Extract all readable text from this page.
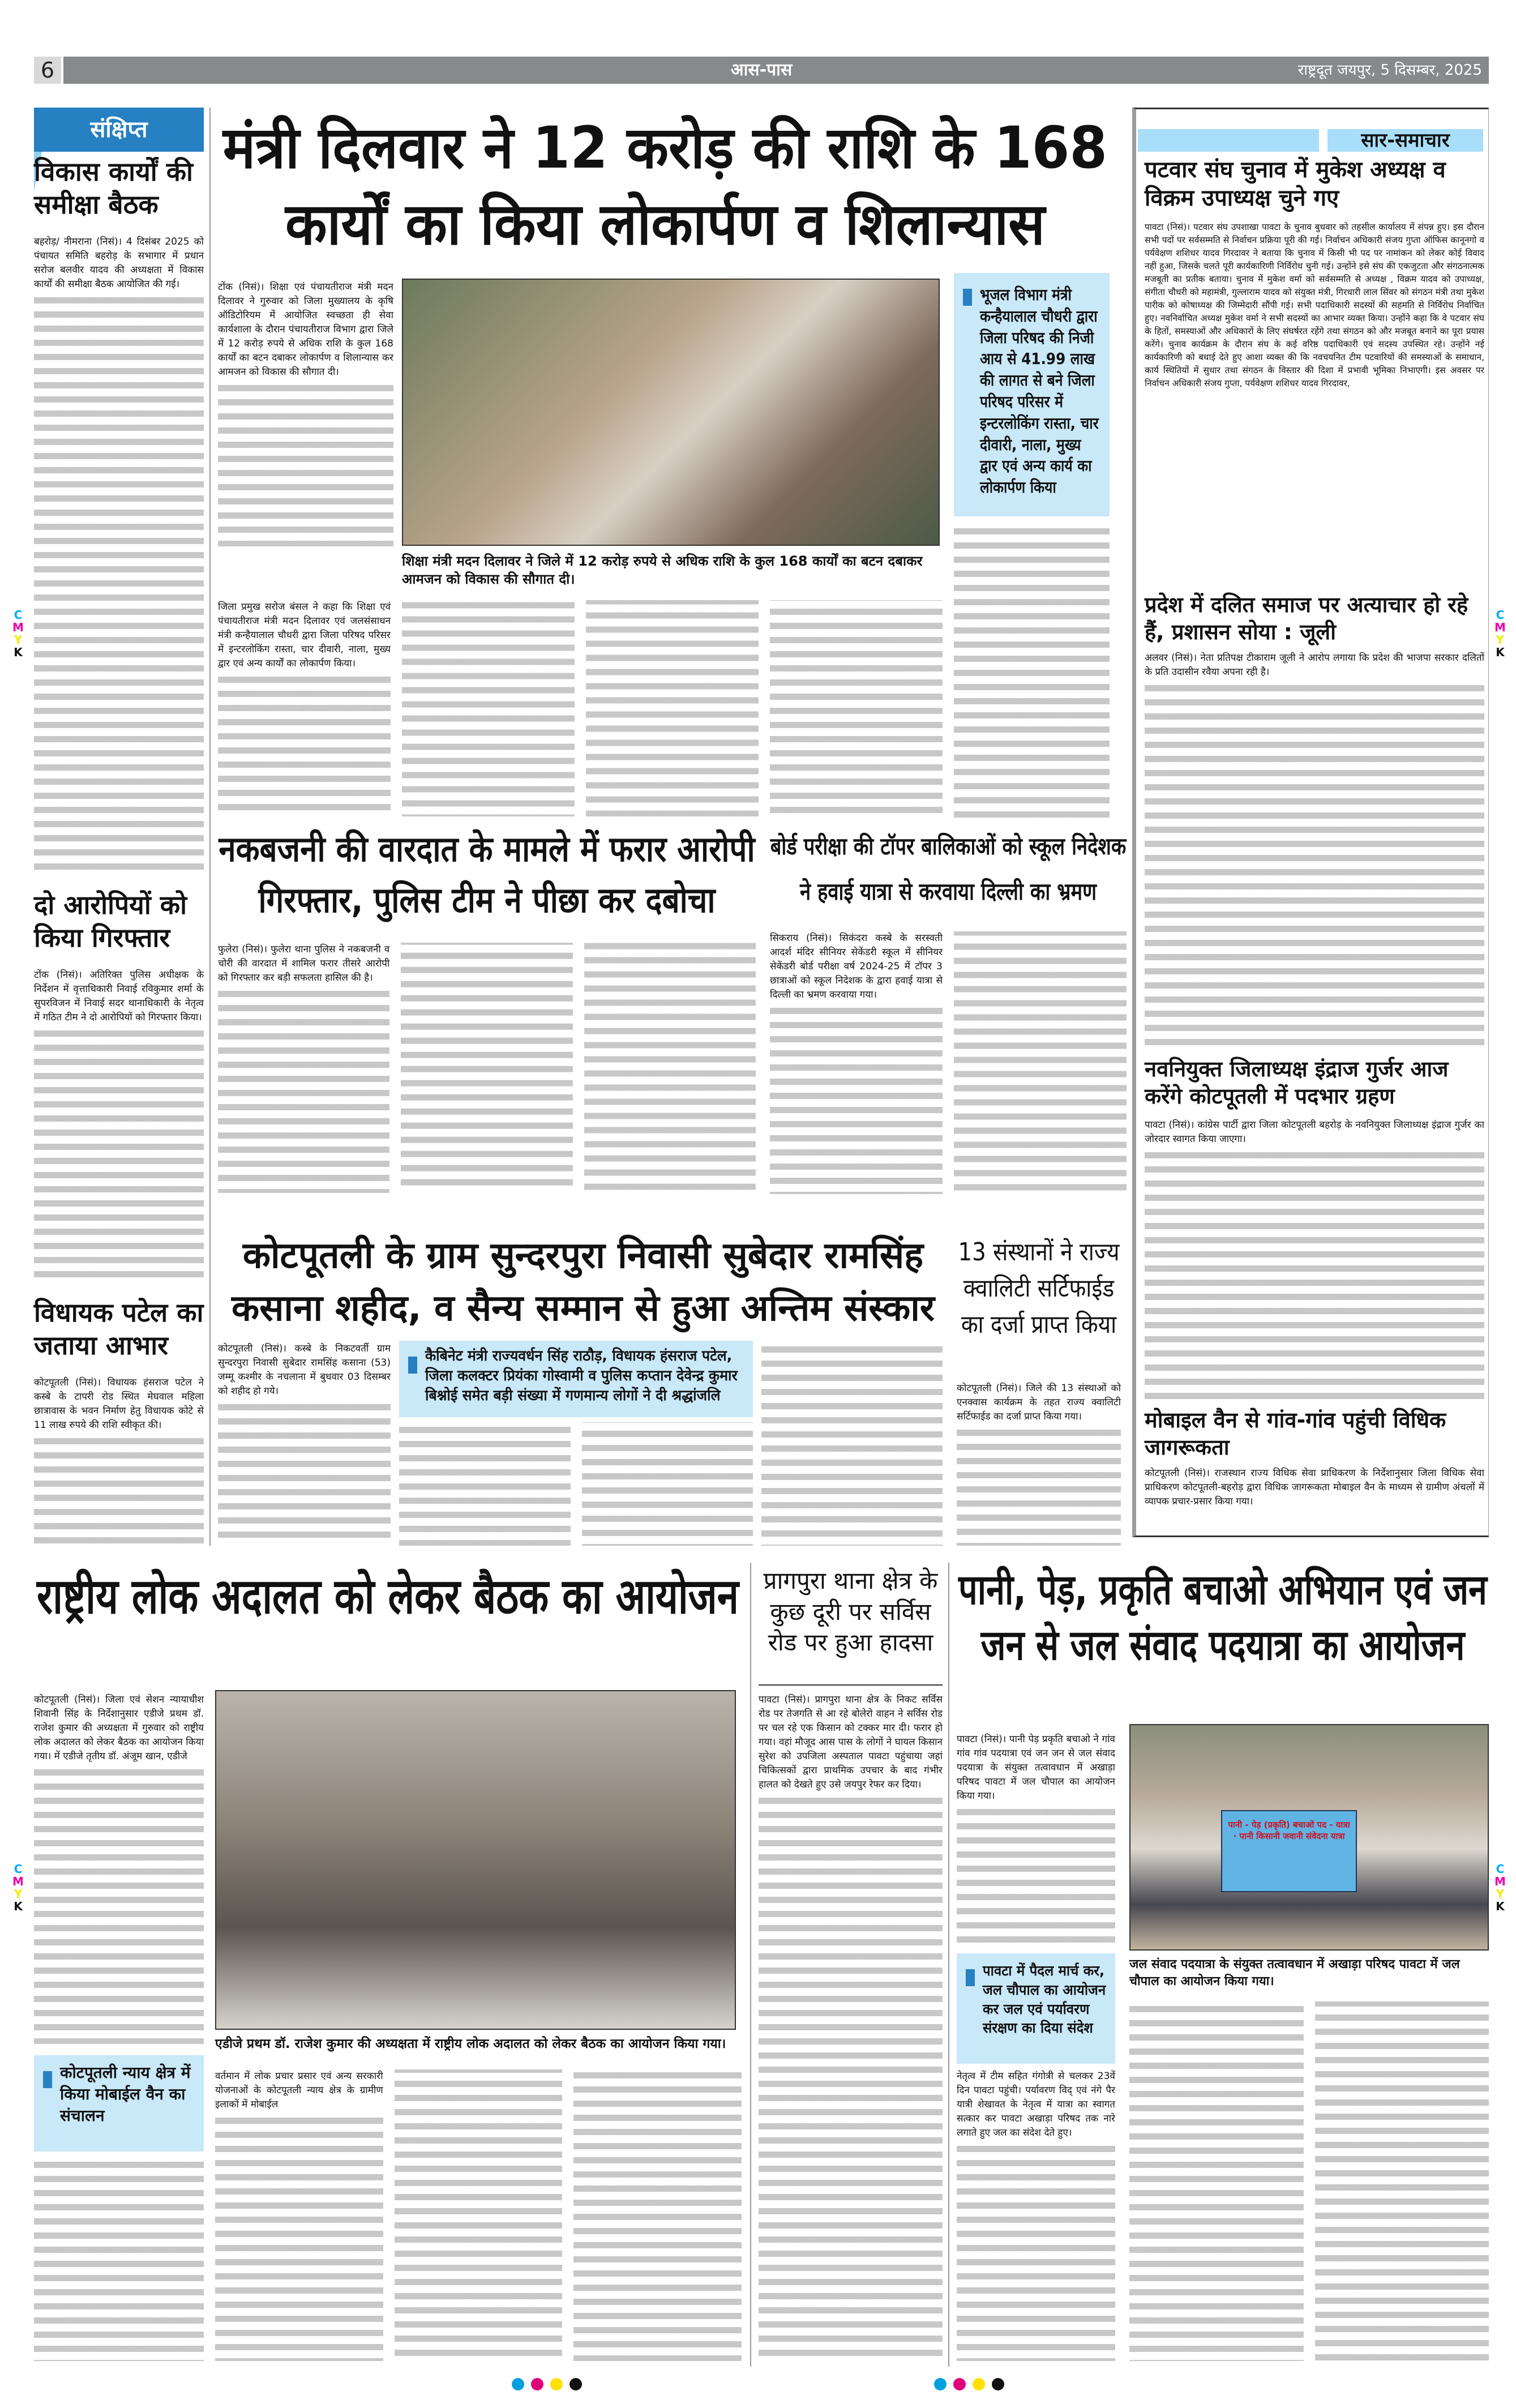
6	आस-पास	राष्ट्रदूत जयपुर, 5 दिसम्बर, 2025
C
M
Y
K
C
M
Y
K
C
M
Y
K
C
M
Y
K
संक्षिप्त
विकास कार्यों की समीक्षा बैठक

बहरोड़/ नीमराना (निसं)। 4 दिसंबर 2025 को पंचायत समिति बहरोड़ के सभागार में प्रधान सरोज बलवीर यादव की अध्यक्षता में विकास कार्यों की समीक्षा बैठक आयोजित की गई।

दो आरोपियों को किया गिरफ्तार

टोंक (निसं)। अतिरिक्त पुलिस अधीक्षक के निर्देशन में वृत्ताधिकारी निवाई रविकुमार शर्मा के सुपरविजन में निवाई सदर थानाधिकारी के नेतृत्व में गठित टीम ने दो आरोपियों को गिरफ्तार किया।

विधायक पटेल का जताया आभार

कोटपूतली (निसं)। विधायक हंसराज पटेल ने कस्बे के टापरी रोड स्थित मेघवाल महिला छात्रावास के भवन निर्माण हेतु विधायक कोटे से 11 लाख रुपये की राशि स्वीकृत की।

मंत्री दिलवार ने 12 करोड़ की राशि के 168 कार्यों का किया लोकार्पण व शिलान्यास

टोंक (निसं)। शिक्षा एवं पंचायतीराज मंत्री मदन दिलावर ने गुरुवार को जिला मुख्यालय के कृषि ऑडिटोरियम में आयोजित स्वच्छता ही सेवा कार्यशाला के दौरान पंचायतीराज विभाग द्वारा जिले में 12 करोड़ रुपये से अधिक राशि के कुल 168 कार्यों का बटन दबाकर लोकार्पण व शिलान्यास कर आमजन को विकास की सौगात दी।

भूजल विभाग मंत्री कन्हैयालाल चौधरी द्वारा जिला परिषद की निजी आय से 41.99 लाख की लागत से बने जिला परिषद परिसर में इन्टरलोकिंग रास्ता, चार दीवारी, नाला, मुख्य द्वार एवं अन्य कार्य का लोकार्पण किया
शिक्षा मंत्री मदन दिलावर ने जिले में 12 करोड़ रुपये से अधिक राशि के कुल 168 कार्यों का बटन दबाकर आमजन को विकास की सौगात दी।

जिला प्रमुख सरोज बंसल ने कहा कि शिक्षा एवं पंचायतीराज मंत्री मदन दिलावर एवं जलसंसाधन मंत्री कन्हैयालाल चौधरी द्वारा जिला परिषद परिसर में इन्टरलोकिंग रास्ता, चार दीवारी, नाला, मुख्य द्वार एवं अन्य कार्यों का लोकार्पण किया।

नकबजनी की वारदात के मामले में फरार आरोपी गिरफ्तार, पुलिस टीम ने पीछा कर दबोचा

फुलेरा (निसं)। फुलेरा थाना पुलिस ने नकबजनी व चोरी की वारदात में शामिल फरार तीसरे आरोपी को गिरफ्तार कर बड़ी सफलता हासिल की है।

बोर्ड परीक्षा की टॉपर बालिकाओं को स्कूल निदेशक ने हवाई यात्रा से करवाया दिल्ली का भ्रमण

सिकराय (निसं)। सिकंदरा कस्बे के सरस्वती आदर्श मंदिर सीनियर सेकेंडरी स्कूल में सीनियर सेकेंडरी बोर्ड परीक्षा वर्ष 2024-25 में टॉपर 3 छात्राओं को स्कूल निदेशक के द्वारा हवाई यात्रा से दिल्ली का भ्रमण करवाया गया।

कोटपूतली के ग्राम सुन्दरपुरा निवासी सुबेदार रामसिंह कसाना शहीद, व सैन्य सम्मान से हुआ अन्तिम संस्कार

कोटपूतली (निसं)। कस्बे के निकटवर्ती ग्राम सुन्दरपुरा निवासी सुबेदार रामसिंह कसाना (53) जम्मू कश्मीर के नचलाना में बुधवार 03 दिसम्बर को शहीद हो गये।

कैबिनेट मंत्री राज्यवर्धन सिंह राठौड़, विधायक हंसराज पटेल, जिला कलक्टर प्रियंका गोस्वामी व पुलिस कप्तान देवेन्द्र कुमार बिश्नोई समेत बड़ी संख्या में गणमान्य लोगों ने दी श्रद्धांजलि
13 संस्थानों ने राज्य क्वालिटी सर्टिफाईड का दर्जा प्राप्त किया

कोटपूतली (निसं)। जिले की 13 संस्थाओं को एनक्वास कार्यक्रम के तहत राज्य क्वालिटी सर्टिफाईड का दर्जा प्राप्त किया गया।

सार-समाचार
पटवार संघ चुनाव में मुकेश अध्यक्ष व विक्रम उपाध्यक्ष चुने गए

पावटा (निसं)। पटवार संघ उपशाखा पावटा के चुनाव बुधवार को तहसील कार्यालय में संपन्न हुए। इस दौरान सभी पदों पर सर्वसम्मति से निर्वाचन प्रक्रिया पूरी की गई। निर्वाचन अधिकारी संजय गुप्ता ऑफिस कानूनगो व पर्यवेक्षण शशिधर यादव गिरदावर ने बताया कि चुनाव में किसी भी पद पर नामांकन को लेकर कोई विवाद नहीं हुआ, जिसके चलते पूरी कार्यकारिणी निर्विरोध चुनी गई। उन्होंने इसे संघ की एकजुटता और संगठनात्मक मजबूती का प्रतीक बताया। चुनाव में मुकेश वर्मा को सर्वसम्मति से अध्यक्ष , विक्रम यादव को उपाध्यक्ष, संगीता चौधरी को महामंत्री, गुल्लाराम यादव को संयुक्त मंत्री, गिरधारी लाल सिंवर को संगठन मंत्री तथा मुकेश पारीक को कोषाध्यक्ष की जिम्मेदारी सौंपी गई। सभी पदाधिकारी सदस्यों की सहमति से निर्विरोध निर्वाचित हुए। नवनिर्वाचित अध्यक्ष मुकेश वर्मा ने सभी सदस्यों का आभार व्यक्त किया। उन्होंने कहा कि वे पटवार संघ के हितों, समस्याओं और अधिकारों के लिए संघर्षरत रहेंगे तथा संगठन को और मजबूत बनाने का पूरा प्रयास करेंगे। चुनाव कार्यक्रम के दौरान संघ के कई वरिष्ठ पदाधिकारी एवं सदस्य उपस्थित रहे। उन्होंने नई कार्यकारिणी को बधाई देते हुए आशा व्यक्त की कि नवचयनित टीम पटवारियों की समस्याओं के समाधान, कार्य स्थितियों में सुधार तथा संगठन के विस्तार की दिशा में प्रभावी भूमिका निभाएगी। इस अवसर पर निर्वाचन अधिकारी संजय गुप्ता, पर्यवेक्षण शशिधर यादव गिरदावर,

प्रदेश में दलित समाज पर अत्याचार हो रहे हैं, प्रशासन सोया : जूली

अलवर (निसं)। नेता प्रतिपक्ष टीकाराम जूली ने आरोप लगाया कि प्रदेश की भाजपा सरकार दलितों के प्रति उदासीन रवैया अपना रही है।

नवनियुक्त जिलाध्यक्ष इंद्राज गुर्जर आज करेंगे कोटपूतली में पदभार ग्रहण

पावटा (निसं)। कांग्रेस पार्टी द्वारा जिला कोटपूतली बहरोड़ के नवनियुक्त जिलाध्यक्ष इंद्राज गुर्जर का जोरदार स्वागत किया जाएगा।

मोबाइल वैन से गांव-गांव पहुंची विधिक जागरूकता

कोटपूतली (निसं)। राजस्थान राज्य विधिक सेवा प्राधिकरण के निर्देशानुसार जिला विधिक सेवा प्राधिकरण कोटपूतली-बहरोड़ द्वारा विधिक जागरूकता मोबाइल वैन के माध्यम से ग्रामीण अंचलों में व्यापक प्रचार-प्रसार किया गया।

राष्ट्रीय लोक अदालत को लेकर बैठक का आयोजन

कोटपूतली (निसं)। जिला एवं सेशन न्यायाधीश शिवानी सिंह के निर्देशानुसार एडीजे प्रथम डॉ. राजेश कुमार की अध्यक्षता में गुरुवार को राष्ट्रीय लोक अदालत को लेकर बैठक का आयोजन किया गया। में एडीजे तृतीय डॉ. अंजूम खान, एडीजे

एडीजे प्रथम डॉ. राजेश कुमार की अध्यक्षता में राष्ट्रीय लोक अदालत को लेकर बैठक का आयोजन किया गया।
कोटपूतली न्याय क्षेत्र में किया मोबाईल वैन का संचालन

वर्तमान में लोक प्रचार प्रसार एवं अन्य सरकारी योजनाओं के कोटपूतली न्याय क्षेत्र के ग्रामीण इलाकों में मोबाईल

प्रागपुरा थाना क्षेत्र के कुछ दूरी पर सर्विस रोड पर हुआ हादसा

पावटा (निसं)। प्रागपुरा थाना क्षेत्र के निकट सर्विस रोड पर तेजगति से आ रहे बोलेरो वाहन ने सर्विस रोड पर चल रहे एक किसान को टक्कर मार दी। फरार हो गया। वहां मौजूद आस पास के लोगों ने घायल किसान सुरेश को उपजिला अस्पताल पावटा पहुंचाया जहां चिकित्सकों द्वारा प्राथमिक उपचार के बाद गंभीर हालत को देखते हुए उसे जयपुर रेफर कर दिया।

पानी, पेड़, प्रकृति बचाओ अभियान एवं जन जन से जल संवाद पदयात्रा का आयोजन

पावटा (निसं)। पानी पेड़ प्रकृति बचाओ ने गांव गांव गांव पदयात्रा एवं जन जन से जल संवाद पदयात्रा के संयुक्त तत्वावधान में अखाड़ा परिषद पावटा में जल चौपाल का आयोजन किया गया।

पानी - पेड़ (प्रकृति) बचाओ पद - यात्रा · पानी किसानी जवानी संवेदना यात्रा
जल संवाद पदयात्रा के संयुक्त तत्वावधान में अखाड़ा परिषद पावटा में जल चौपाल का आयोजन किया गया।
पावटा में पैदल मार्च कर, जल चौपाल का आयोजन कर जल एवं पर्यावरण संरक्षण का दिया संदेश

नेतृत्व में टीम सहित गंगोत्री से चलकर 23वें दिन पावटा पहुंची। पर्यावरण विद् एवं नंगे पैर यात्री शेखावत के नेतृत्व में यात्रा का स्वागत सत्कार कर पावटा अखाड़ा परिषद तक नारे लगाते हुए जल का संदेश देते हुए।
